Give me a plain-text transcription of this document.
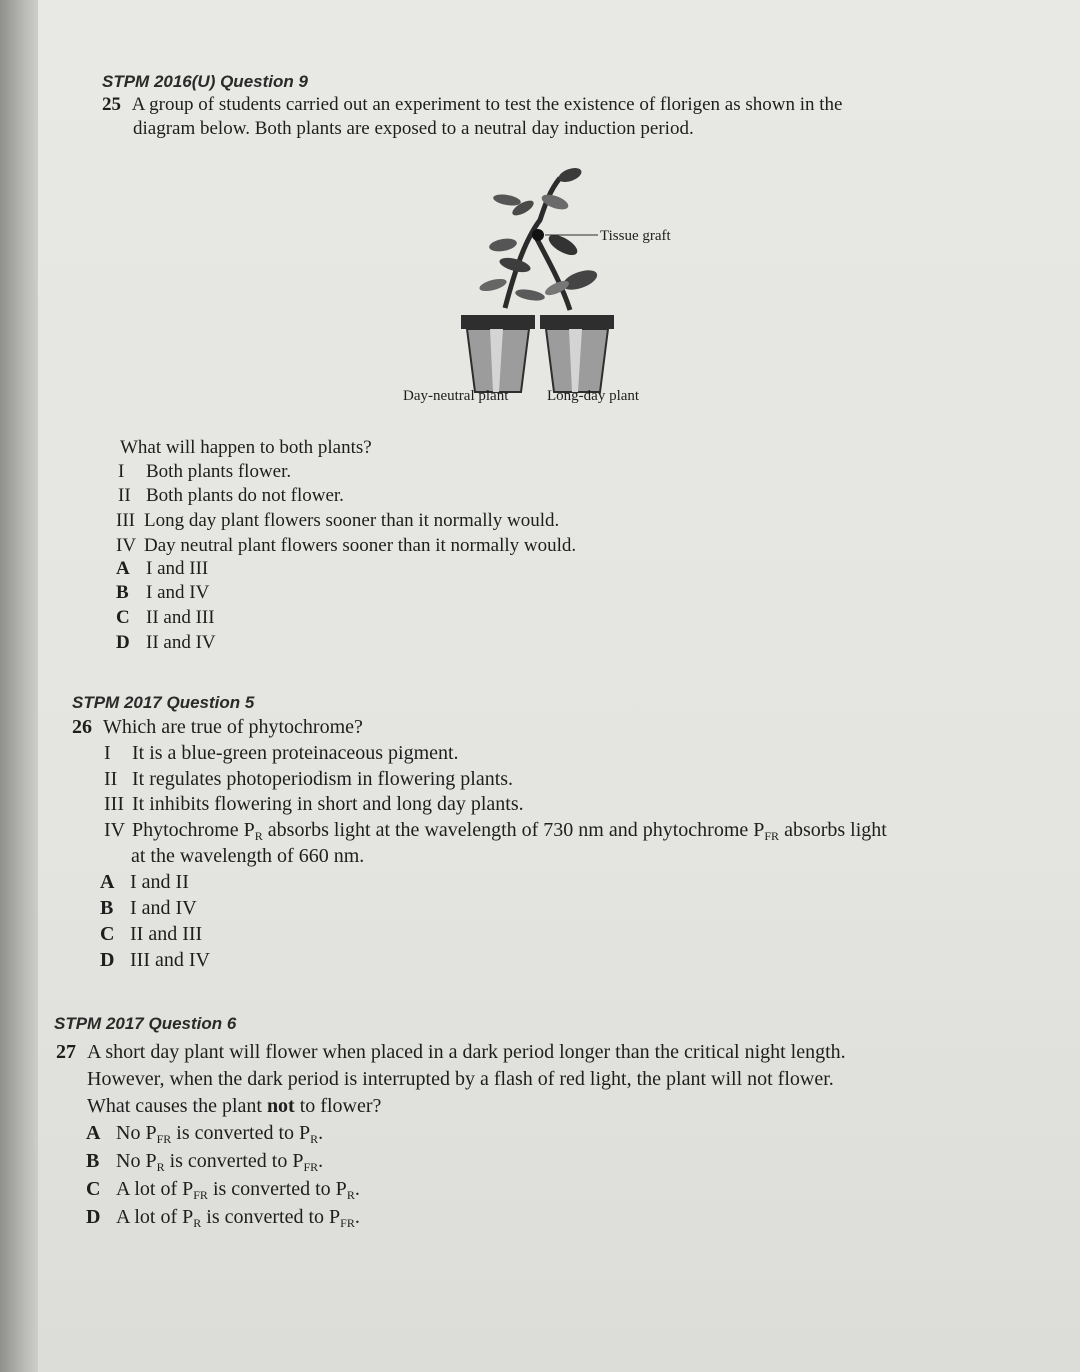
STPM 2016(U) Question 9
25 A group of students carried out an experiment to test the existence of florigen as shown in the
diagram below. Both plants are exposed to a neutral day induction period.
Tissue graft
Day-neutral plant	Long-day plant
What will happen to both plants?
I Both plants flower.
II Both plants do not flower.
III Long day plant flowers sooner than it normally would.
IV Day neutral plant flowers sooner than it normally would.
A I and III
B I and IV
C II and III
D II and IV
STPM 2017 Question 5
26 Which are true of phytochrome?
I It is a blue-green proteinaceous pigment.
II It regulates photoperiodism in flowering plants.
III It inhibits flowering in short and long day plants.
IV Phytochrome $P_R$ absorbs light at the wavelength of 730 nm and phytochrome $P_{FR}$ absorbs light
at the wavelength of 660 nm.
A I and II
B I and IV
C II and III
D III and IV
STPM 2017 Question 6
27 A short day plant will flower when placed in a dark period longer than the critical night length.
However, when the dark period is interrupted by a flash of red light, the plant will not flower.
What causes the plant not to flower?
A No $P_{FR}$ is converted to $P_R$.
B No $P_R$ is converted to $P_{FR}$.
C A lot of $P_{FR}$ is converted to $P_R$.
D A lot of $P_R$ is converted to $P_{FR}$.
